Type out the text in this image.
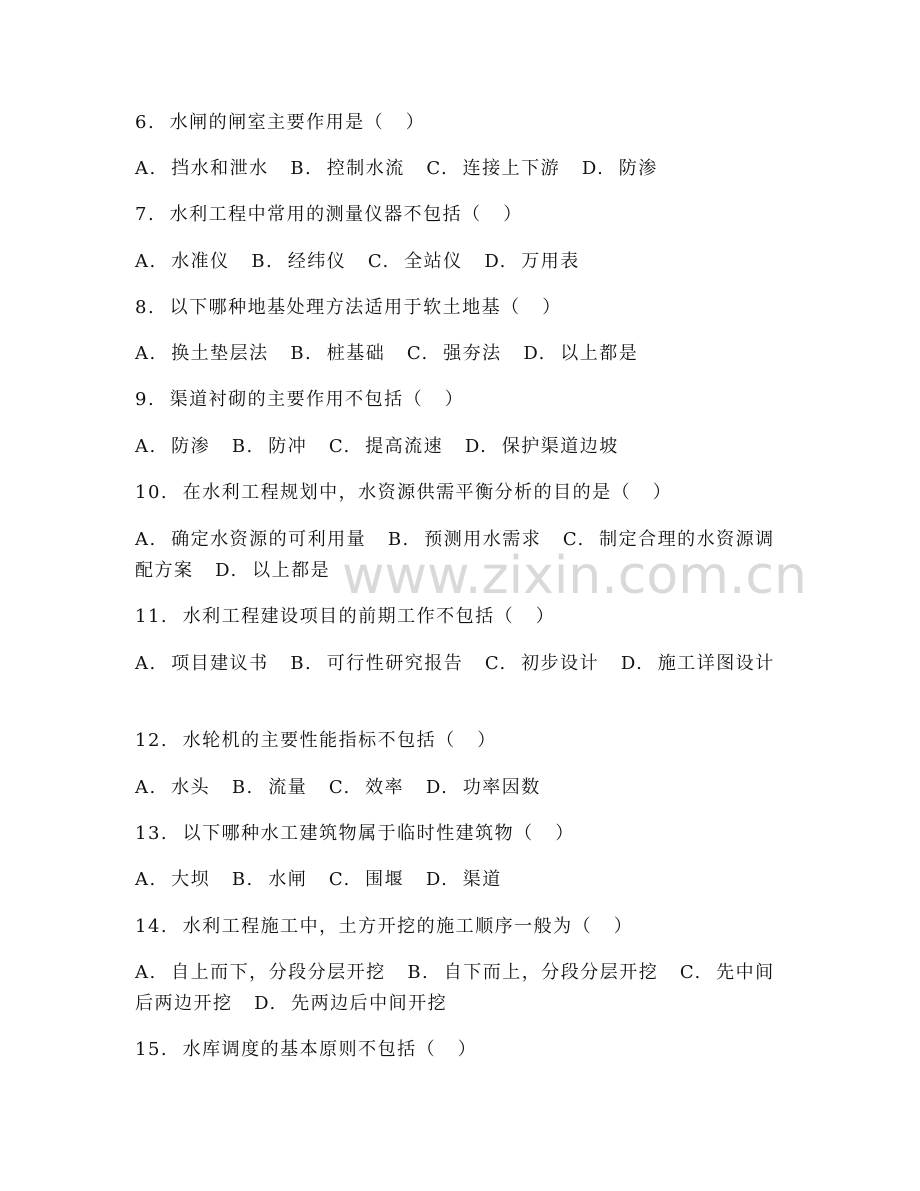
www.zixin.com.cn
6.  水闸的闸室主要作用是（   ）
A.  挡水和泄水   B.  控制水流   C.  连接上下游   D.  防渗
7.  水利工程中常用的测量仪器不包括（   ）
A.  水准仪   B.  经纬仪   C.  全站仪   D.  万用表
8.  以下哪种地基处理方法适用于软土地基（   ）
A.  换土垫层法   B.  桩基础   C.  强夯法   D.  以上都是
9.  渠道衬砌的主要作用不包括（   ）
A.  防渗   B.  防冲   C.  提高流速   D.  保护渠道边坡
10.  在水利工程规划中，水资源供需平衡分析的目的是（   ）
A.  确定水资源的可利用量   B.  预测用水需求   C.  制定合理的水资源调配方案   D.  以上都是
11.  水利工程建设项目的前期工作不包括（   ）
A.  项目建议书   B.  可行性研究报告   C.  初步设计   D.  施工详图设计
12.  水轮机的主要性能指标不包括（   ）
A.  水头   B.  流量   C.  效率   D.  功率因数
13.  以下哪种水工建筑物属于临时性建筑物（   ）
A.  大坝   B.  水闸   C.  围堰   D.  渠道
14.  水利工程施工中，土方开挖的施工顺序一般为（   ）
A.  自上而下，分段分层开挖   B.  自下而上，分段分层开挖   C.  先中间后两边开挖   D.  先两边后中间开挖
15.  水库调度的基本原则不包括（   ）
